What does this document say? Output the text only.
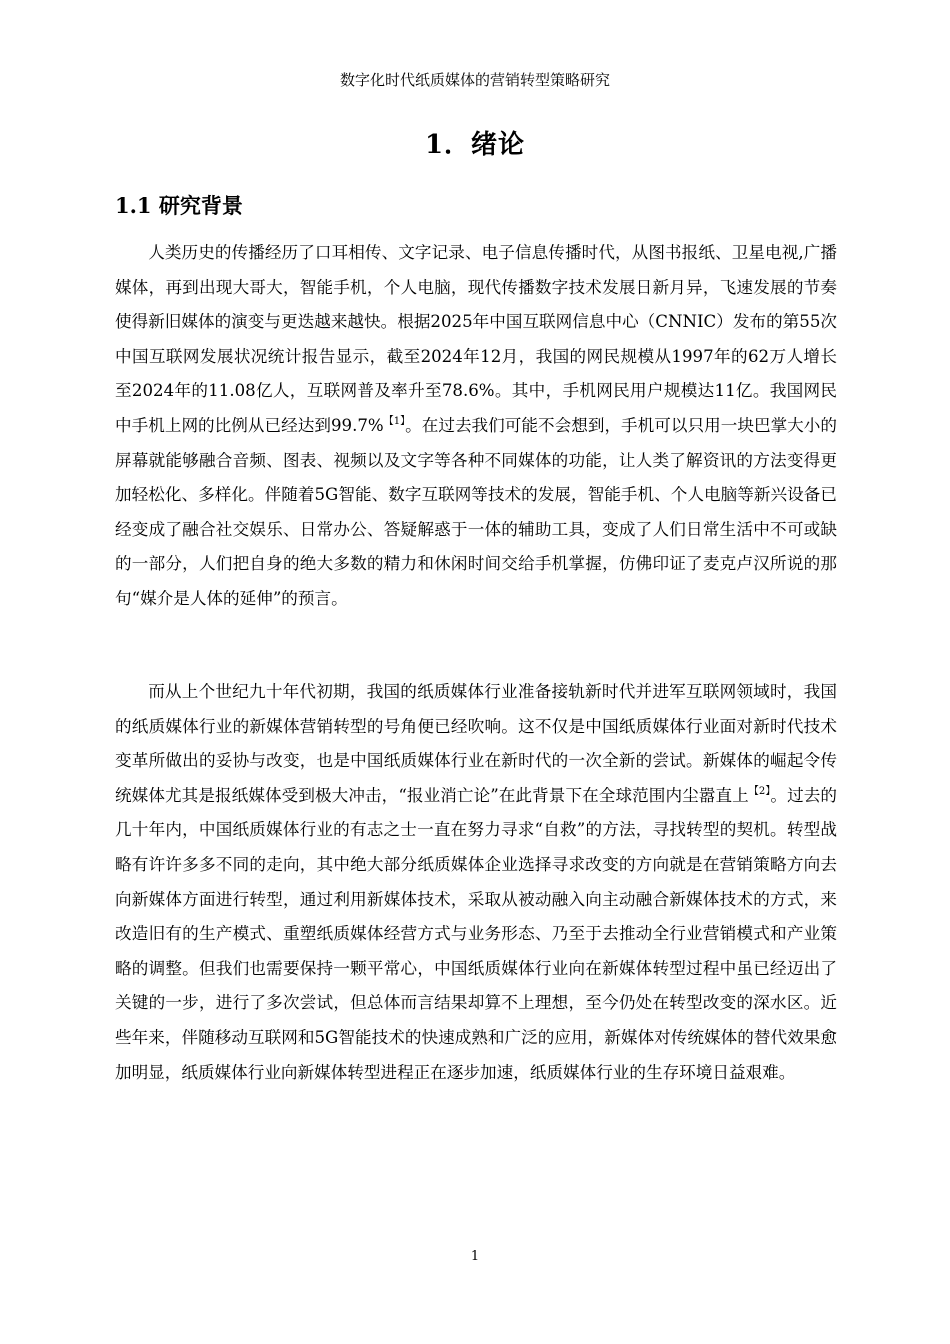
数字化时代纸质媒体的营销转型策略研究
1．绪论
1.1 研究背景

人类历史的传播经历了口耳相传、文字记录、电子信息传播时代，从图书报纸、卫星电视,广播媒体，再到出现大哥大，智能手机，个人电脑，现代传播数字技术发展日新月异，飞速发展的节奏使得新旧媒体的演变与更迭越来越快。根据2025年中国互联网信息中心（CNNIC）发布的第55次中国互联网发展状况统计报告显示，截至2024年12月，我国的网民规模从1997年的62万人增长至2024年的11.08亿人，互联网普及率升至78.6%。其中，手机网民用户规模达11亿。我国网民中手机上网的比例从已经达到99.7%$^{【1】}$。在过去我们可能不会想到，手机可以只用一块巴掌大小的屏幕就能够融合音频、图表、视频以及文字等各种不同媒体的功能，让人类了解资讯的方法变得更加轻松化、多样化。伴随着5G智能、数字互联网等技术的发展，智能手机、个人电脑等新兴设备已经变成了融合社交娱乐、日常办公、答疑解惑于一体的辅助工具，变成了人们日常生活中不可或缺的一部分，人们把自身的绝大多数的精力和休闲时间交给手机掌握，仿佛印证了麦克卢汉所说的那句“媒介是人体的延伸”的预言。

而从上个世纪九十年代初期，我国的纸质媒体行业准备接轨新时代并进军互联网领域时，我国的纸质媒体行业的新媒体营销转型的号角便已经吹响。这不仅是中国纸质媒体行业面对新时代技术变革所做出的妥协与改变，也是中国纸质媒体行业在新时代的一次全新的尝试。新媒体的崛起令传统媒体尤其是报纸媒体受到极大冲击，“报业消亡论”在此背景下在全球范围内尘嚣直上$^{【2】}$。过去的几十年内，中国纸质媒体行业的有志之士一直在努力寻求“自救”的方法，寻找转型的契机。转型战略有许许多多不同的走向，其中绝大部分纸质媒体企业选择寻求改变的方向就是在营销策略方向去向新媒体方面进行转型，通过利用新媒体技术，采取从被动融入向主动融合新媒体技术的方式，来改造旧有的生产模式、重塑纸质媒体经营方式与业务形态、乃至于去推动全行业营销模式和产业策略的调整。但我们也需要保持一颗平常心，中国纸质媒体行业向在新媒体转型过程中虽已经迈出了关键的一步，进行了多次尝试，但总体而言结果却算不上理想，至今仍处在转型改变的深水区。近些年来，伴随移动互联网和5G智能技术的快速成熟和广泛的应用，新媒体对传统媒体的替代效果愈加明显，纸质媒体行业向新媒体转型进程正在逐步加速，纸质媒体行业的生存环境日益艰难。

1
